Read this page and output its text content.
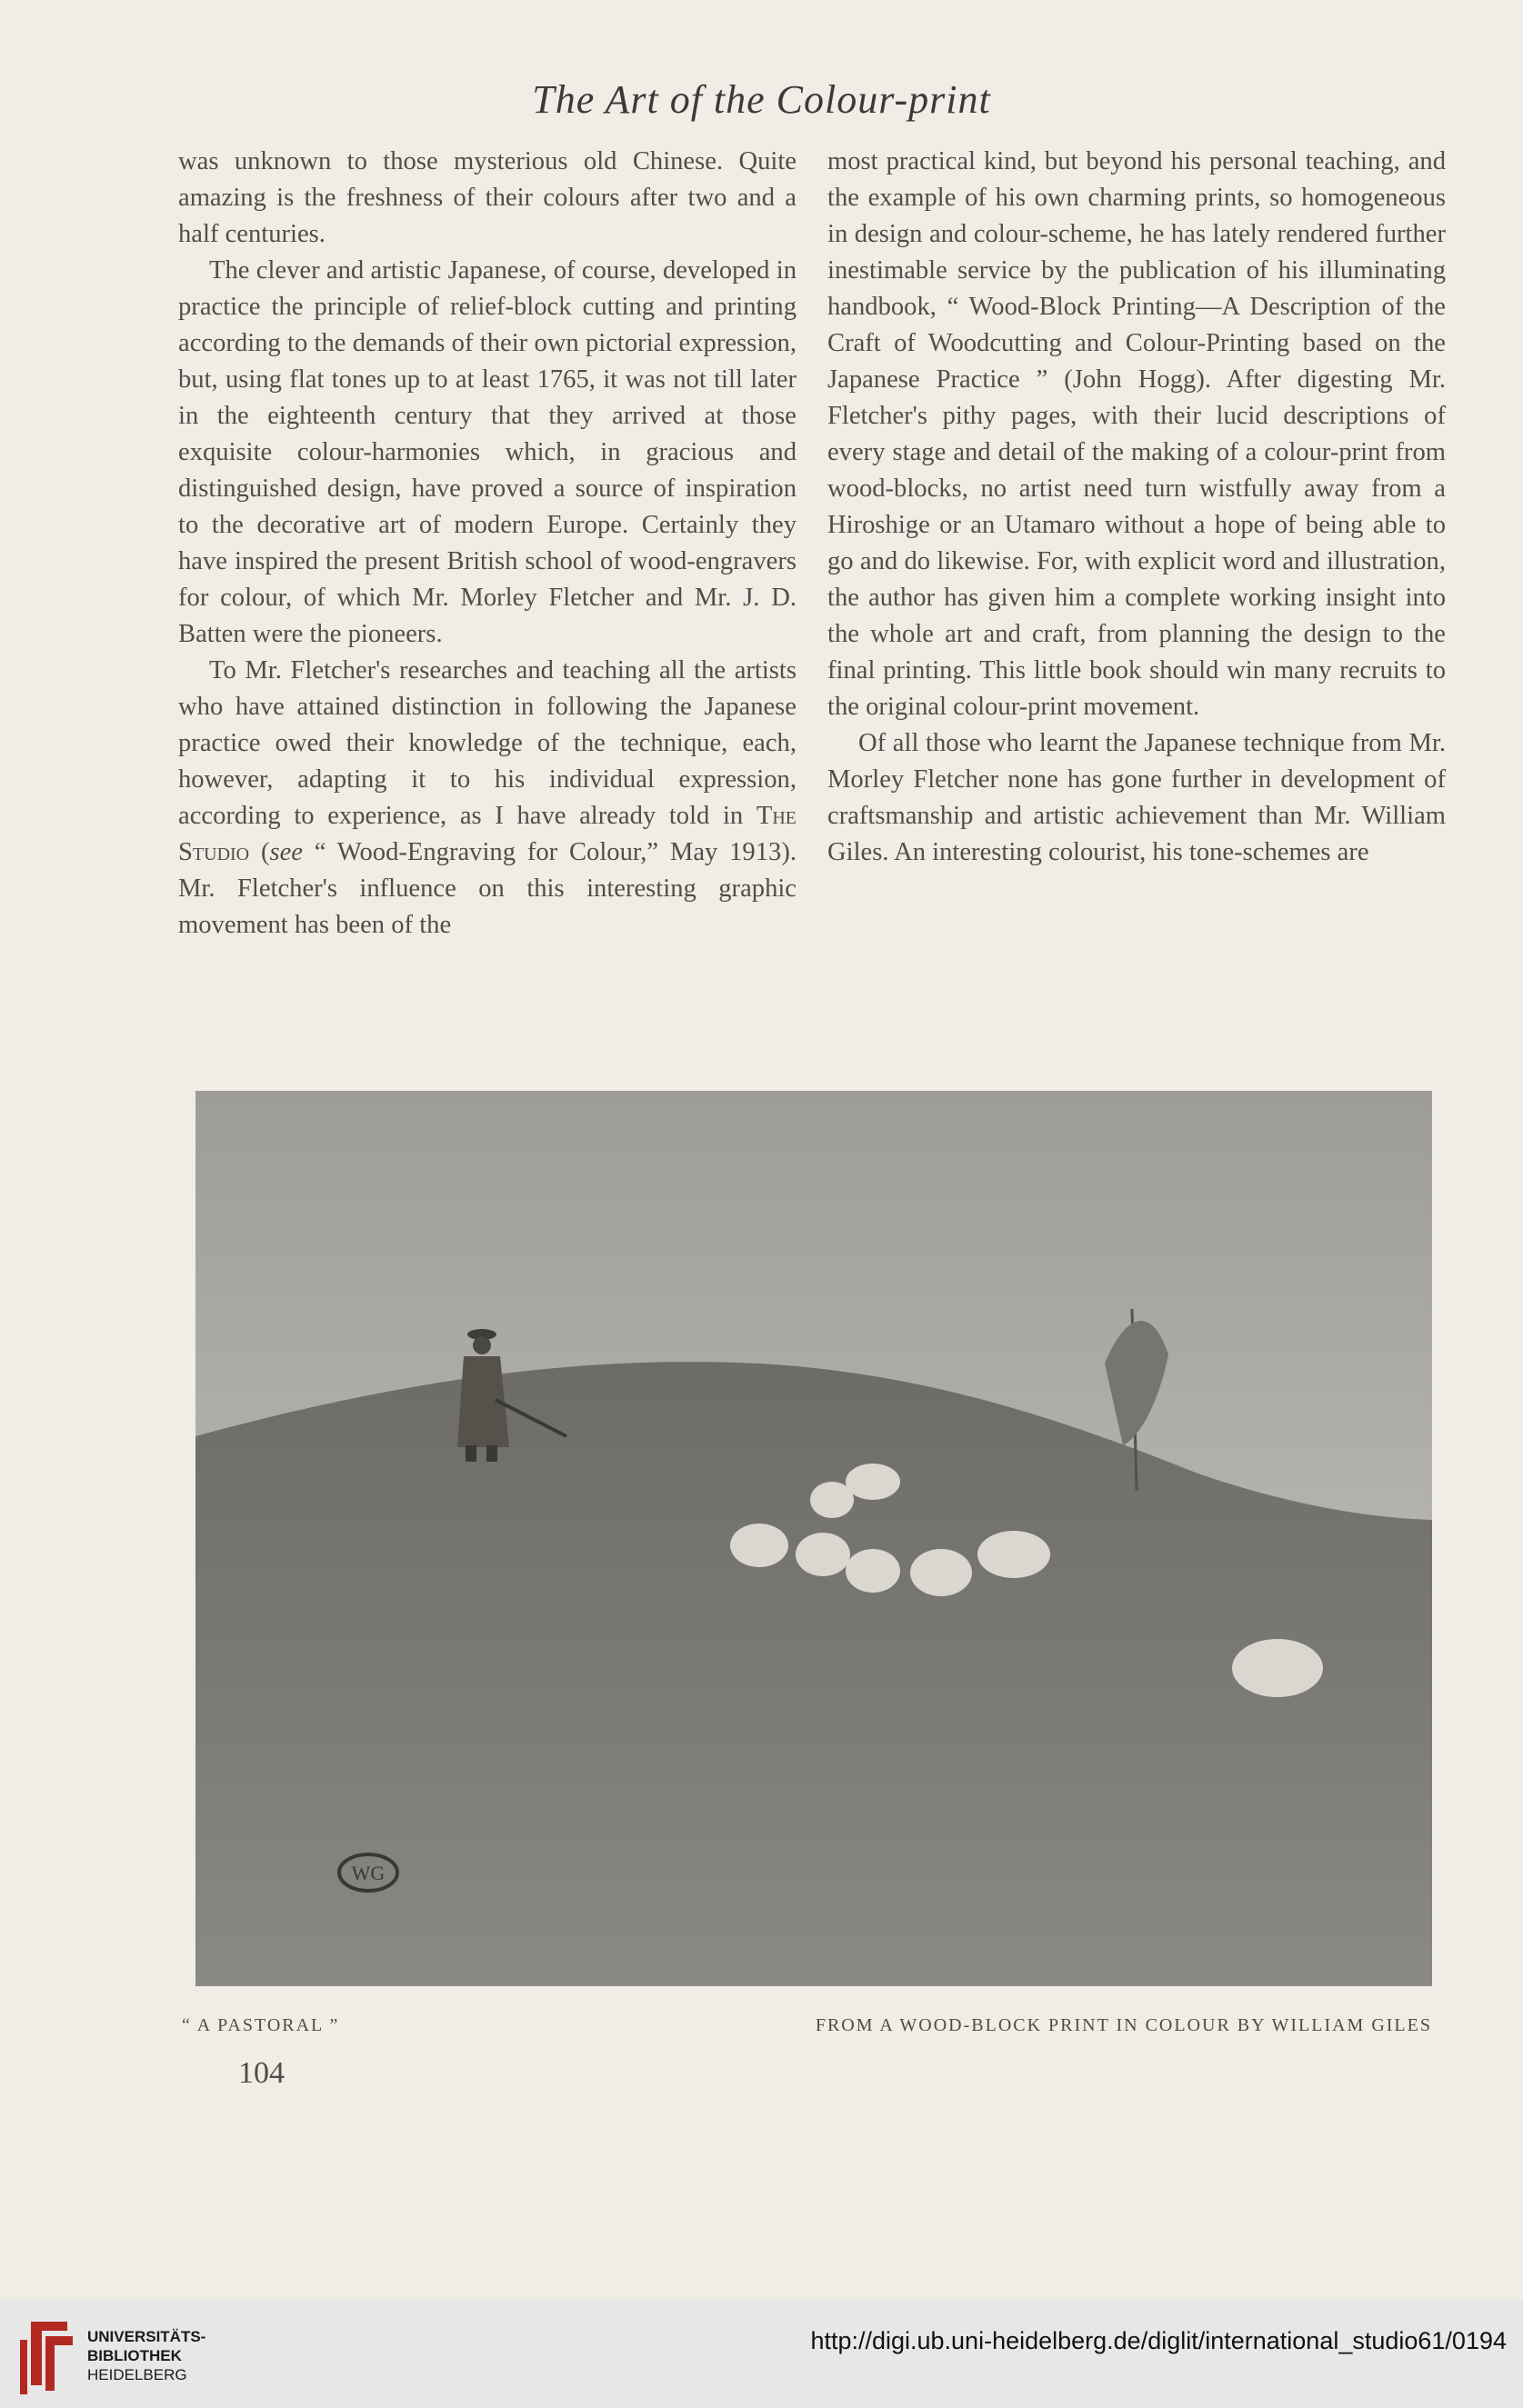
The Art of the Colour-print

was unknown to those mysterious old Chinese. Quite amazing is the freshness of their colours after two and a half centuries.

The clever and artistic Japanese, of course, developed in practice the principle of relief-block cutting and printing according to the demands of their own pictorial expression, but, using flat tones up to at least 1765, it was not till later in the eighteenth century that they arrived at those exquisite colour-harmonies which, in gracious and distinguished design, have proved a source of inspiration to the decorative art of modern Europe. Certainly they have inspired the present British school of wood-engravers for colour, of which Mr. Morley Fletcher and Mr. J. D. Batten were the pioneers.

To Mr. Fletcher's researches and teaching all the artists who have attained distinction in following the Japanese practice owed their knowledge of the technique, each, however, adapting it to his individual expression, according to experience, as I have already told in The Studio (see “ Wood-Engraving for Colour,” May 1913). Mr. Fletcher's influence on this interesting graphic movement has been of the

most practical kind, but beyond his personal teaching, and the example of his own charming prints, so homogeneous in design and colour-scheme, he has lately rendered further inestimable service by the publication of his illuminating handbook, “ Wood-Block Printing—A Description of the Craft of Woodcutting and Colour-Printing based on the Japanese Practice ” (John Hogg). After digesting Mr. Fletcher's pithy pages, with their lucid descriptions of every stage and detail of the making of a colour-print from wood-blocks, no artist need turn wistfully away from a Hiroshige or an Utamaro without a hope of being able to go and do likewise. For, with explicit word and illustration, the author has given him a complete working insight into the whole art and craft, from planning the design to the final printing. This little book should win many recruits to the original colour-print movement.

Of all those who learnt the Japanese technique from Mr. Morley Fletcher none has gone further in development of craftsmanship and artistic achievement than Mr. William Giles. An interesting colourist, his tone-schemes are

WG
“ A PASTORAL ”	FROM A WOOD-BLOCK PRINT IN COLOUR BY WILLIAM GILES
104
UNIVERSITÄTS-
BIBLIOTHEK
HEIDELBERG
http://digi.ub.uni-heidelberg.de/diglit/international_studio61/0194
